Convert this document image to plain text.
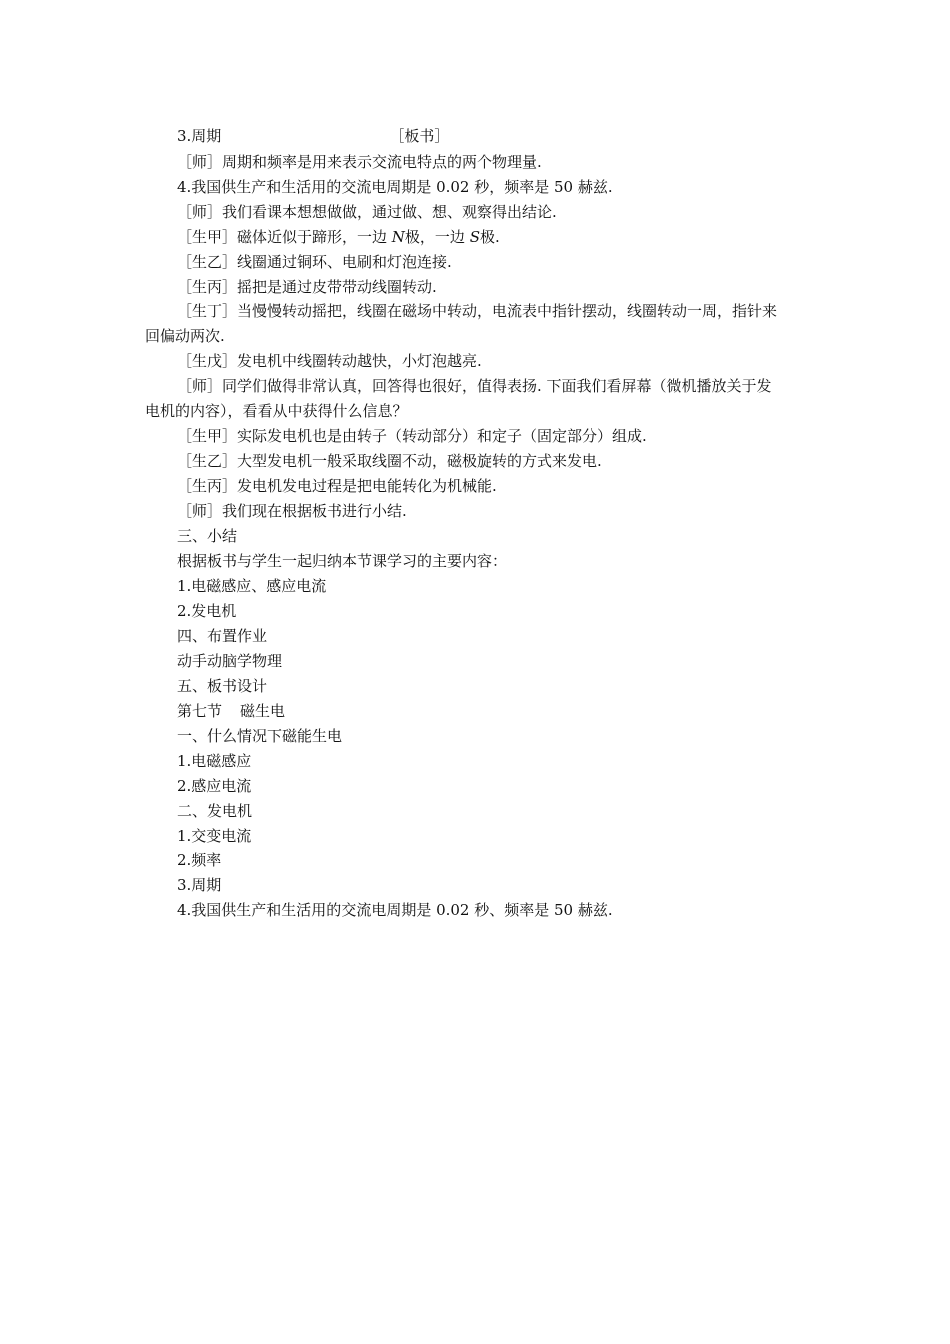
3.周期	［板书］
［师］周期和频率是用来表示交流电特点的两个物理量.
4.我国供生产和生活用的交流电周期是 0.02 秒，频率是 50 赫兹.
［师］我们看课本想想做做，通过做、想、观察得出结论.
［生甲］磁体近似于蹄形，一边 N极，一边 S极.
［生乙］线圈通过铜环、电刷和灯泡连接.
［生丙］摇把是通过皮带带动线圈转动.
［生丁］当慢慢转动摇把，线圈在磁场中转动，电流表中指针摆动，线圈转动一周，指针来
回偏动两次.
［生戊］发电机中线圈转动越快，小灯泡越亮.
［师］同学们做得非常认真，回答得也很好，值得表扬. 下面我们看屏幕（微机播放关于发
电机的内容），看看从中获得什么信息？
［生甲］实际发电机也是由转子（转动部分）和定子（固定部分）组成.
［生乙］大型发电机一般采取线圈不动，磁极旋转的方式来发电.
［生丙］发电机发电过程是把电能转化为机械能.
［师］我们现在根据板书进行小结.
三、小结
根据板书与学生一起归纳本节课学习的主要内容：
1.电磁感应、感应电流
2.发电机
四、布置作业
动手动脑学物理
五、板书设计
第七节 磁生电
一、什么情况下磁能生电
1.电磁感应
2.感应电流
二、发电机
1.交变电流
2.频率
3.周期
4.我国供生产和生活用的交流电周期是 0.02 秒、频率是 50 赫兹.
